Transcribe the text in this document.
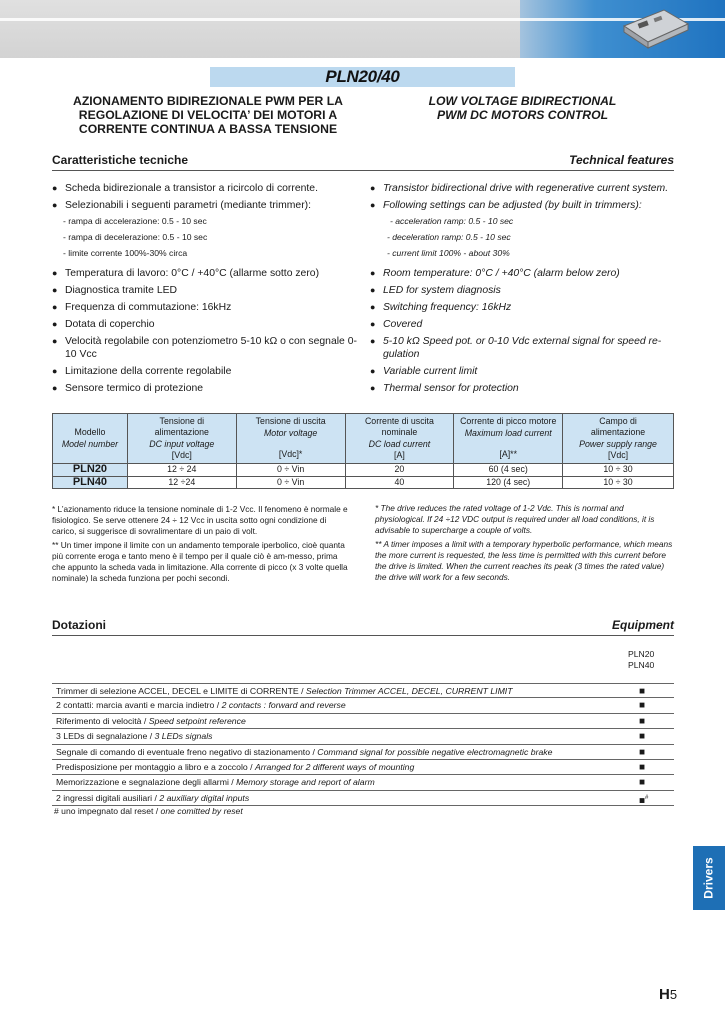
PLN20/40
AZIONAMENTO BIDIREZIONALE PWM PER LA
REGOLAZIONE DI VELOCITA’ DEI MOTORI A
CORRENTE CONTINUA A BASSA TENSIONE
LOW VOLTAGE BIDIRECTIONAL
PWM DC MOTORS CONTROL
Caratteristiche tecniche	Technical features
● Scheda bidirezionale a transistor a ricircolo di corrente.
● Selezionabili i seguenti parametri (mediante trimmer):
- rampa di accelerazione: 0.5 - 10 sec
- rampa di decelerazione: 0.5 - 10 sec
- limite corrente 100%-30% circa
● Temperatura di lavoro: 0°C / +40°C (allarme sotto zero)
● Diagnostica tramite LED
● Frequenza di commutazione: 16kHz
● Dotata di coperchio
● Velocità regolabile con potenziometro 5-10 kΩ o con segnale 0-10 Vcc
● Limitazione della corrente regolabile
● Sensore termico di protezione
● Transistor bidirectional drive with regenerative current system.
● Following settings can be adjusted (by built in trimmers):
- acceleration ramp: 0.5 - 10 sec
- deceleration ramp: 0.5 - 10 sec
- current limit 100% - about 30%
● Room temperature: 0°C / +40°C (alarm below zero)
● LED for system diagnosis
● Switching frequency: 16kHz
● Covered
● 5-10 kΩ Speed pot. or 0-10 Vdc external signal for speed re-gulation
● Variable current limit
● Thermal sensor for protection
Modello
Model number	Tensione di
alimentazione
DC input voltage
[Vdc]	Tensione di uscita
Motor voltage
[Vdc]*	Corrente di uscita
nominale
DC load current
[A]	Corrente di picco motore
Maximum load current
[A]**	Campo di
alimentazione
Power supply range
[Vdc]

PLN20	12 ÷ 24	0 ÷ Vin	20	60 (4 sec)	10 ÷ 30
PLN40	12 ÷24	0 ÷ Vin	40	120 (4 sec)	10 ÷ 30

* L’azionamento riduce la tensione nominale di 1-2 Vcc. Il fenomeno è normale e fisiologico. Se serve ottenere 24 ÷ 12 Vcc in uscita sotto ogni condizione di carico, si suggerisce di sovralimentare di un paio di volt.

** Un timer impone il limite con un andamento temporale iperbolico, cioè quanta più corrente eroga e tanto meno è il tempo per il quale ciò è am-messo, prima che appunto la scheda vada in limitazione. Alla corrente di picco (x 3 volte quella nominale) la scheda funziona per pochi secondi.

* The drive reduces the rated voltage of 1-2 Vdc. This is normal and physiological. If 24 ÷12 VDC output is required under all load conditions, it is advisable to supercharge a couple of volts.

** A timer imposes a limit with a temporary hyperbolic performance, which means the more current is requested, the less time is permitted with this current before the drive is limited. When the current reaches its peak (3 times the rated value) the drive will work for a few seconds.

Dotazioni	Equipment
PLN20
PLN40
Trimmer di selezione ACCEL, DECEL e LIMITE di CORRENTE / Selection Trimmer ACCEL, DECEL, CURRENT LIMIT	■
2 contatti: marcia avanti e marcia indietro / 2 contacts : forward and reverse	■
Riferimento di velocità / Speed setpoint reference	■
3 LEDs di segnalazione / 3 LEDs signals	■
Segnale di comando di eventuale freno negativo di stazionamento / Command signal for possible negative electromagnetic brake	■
Predisposizione per montaggio a libro e a zoccolo / Arranged for 2 different ways of mounting	■
Memorizzazione e segnalazione degli allarmi / Memory storage and report of alarm	■
2 ingressi digitali ausiliari / 2 auxiliary digital inputs	■#
# uno impegnato dal reset / one comitted by reset
Drivers
H5
